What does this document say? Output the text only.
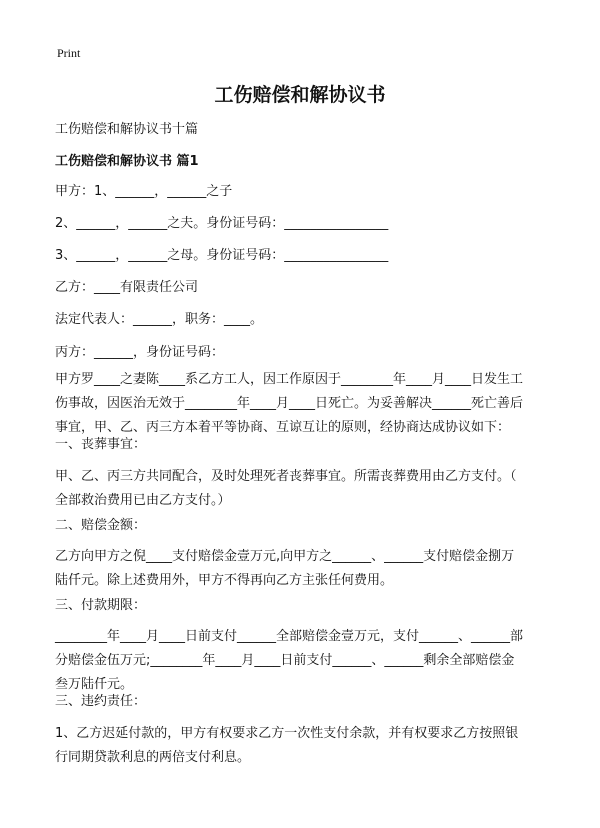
Print
工伤赔偿和解协议书
工伤赔偿和解协议书十篇
工伤赔偿和解协议书 篇1
甲方：1、______，______之子
2、______，______之夫。身份证号码：________________
3、______，______之母。身份证号码：________________
乙方：____有限责任公司
法定代表人：______，职务：____。
丙方：______，身份证号码：
甲方罗____之妻陈____系乙方工人，因工作原因于________年____月____日发生工
伤事故，因医治无效于________年____月____日死亡。为妥善解决______死亡善后
事宜，甲、乙、丙三方本着平等协商、互谅互让的原则，经协商达成协议如下：
一、丧葬事宜：
甲、乙、丙三方共同配合，及时处理死者丧葬事宜。所需丧葬费用由乙方支付。（
全部救治费用已由乙方支付。）
二、赔偿金额：
乙方向甲方之倪____支付赔偿金壹万元,向甲方之______、______支付赔偿金捌万
陆仟元。除上述费用外，甲方不得再向乙方主张任何费用。
三、付款期限：
________年____月____日前支付______全部赔偿金壹万元，支付______、______部
分赔偿金伍万元;________年____月____日前支付______、______剩余全部赔偿金
叁万陆仟元。
三、违约责任：
1、乙方迟延付款的，甲方有权要求乙方一次性支付余款，并有权要求乙方按照银
行同期贷款利息的两倍支付利息。
